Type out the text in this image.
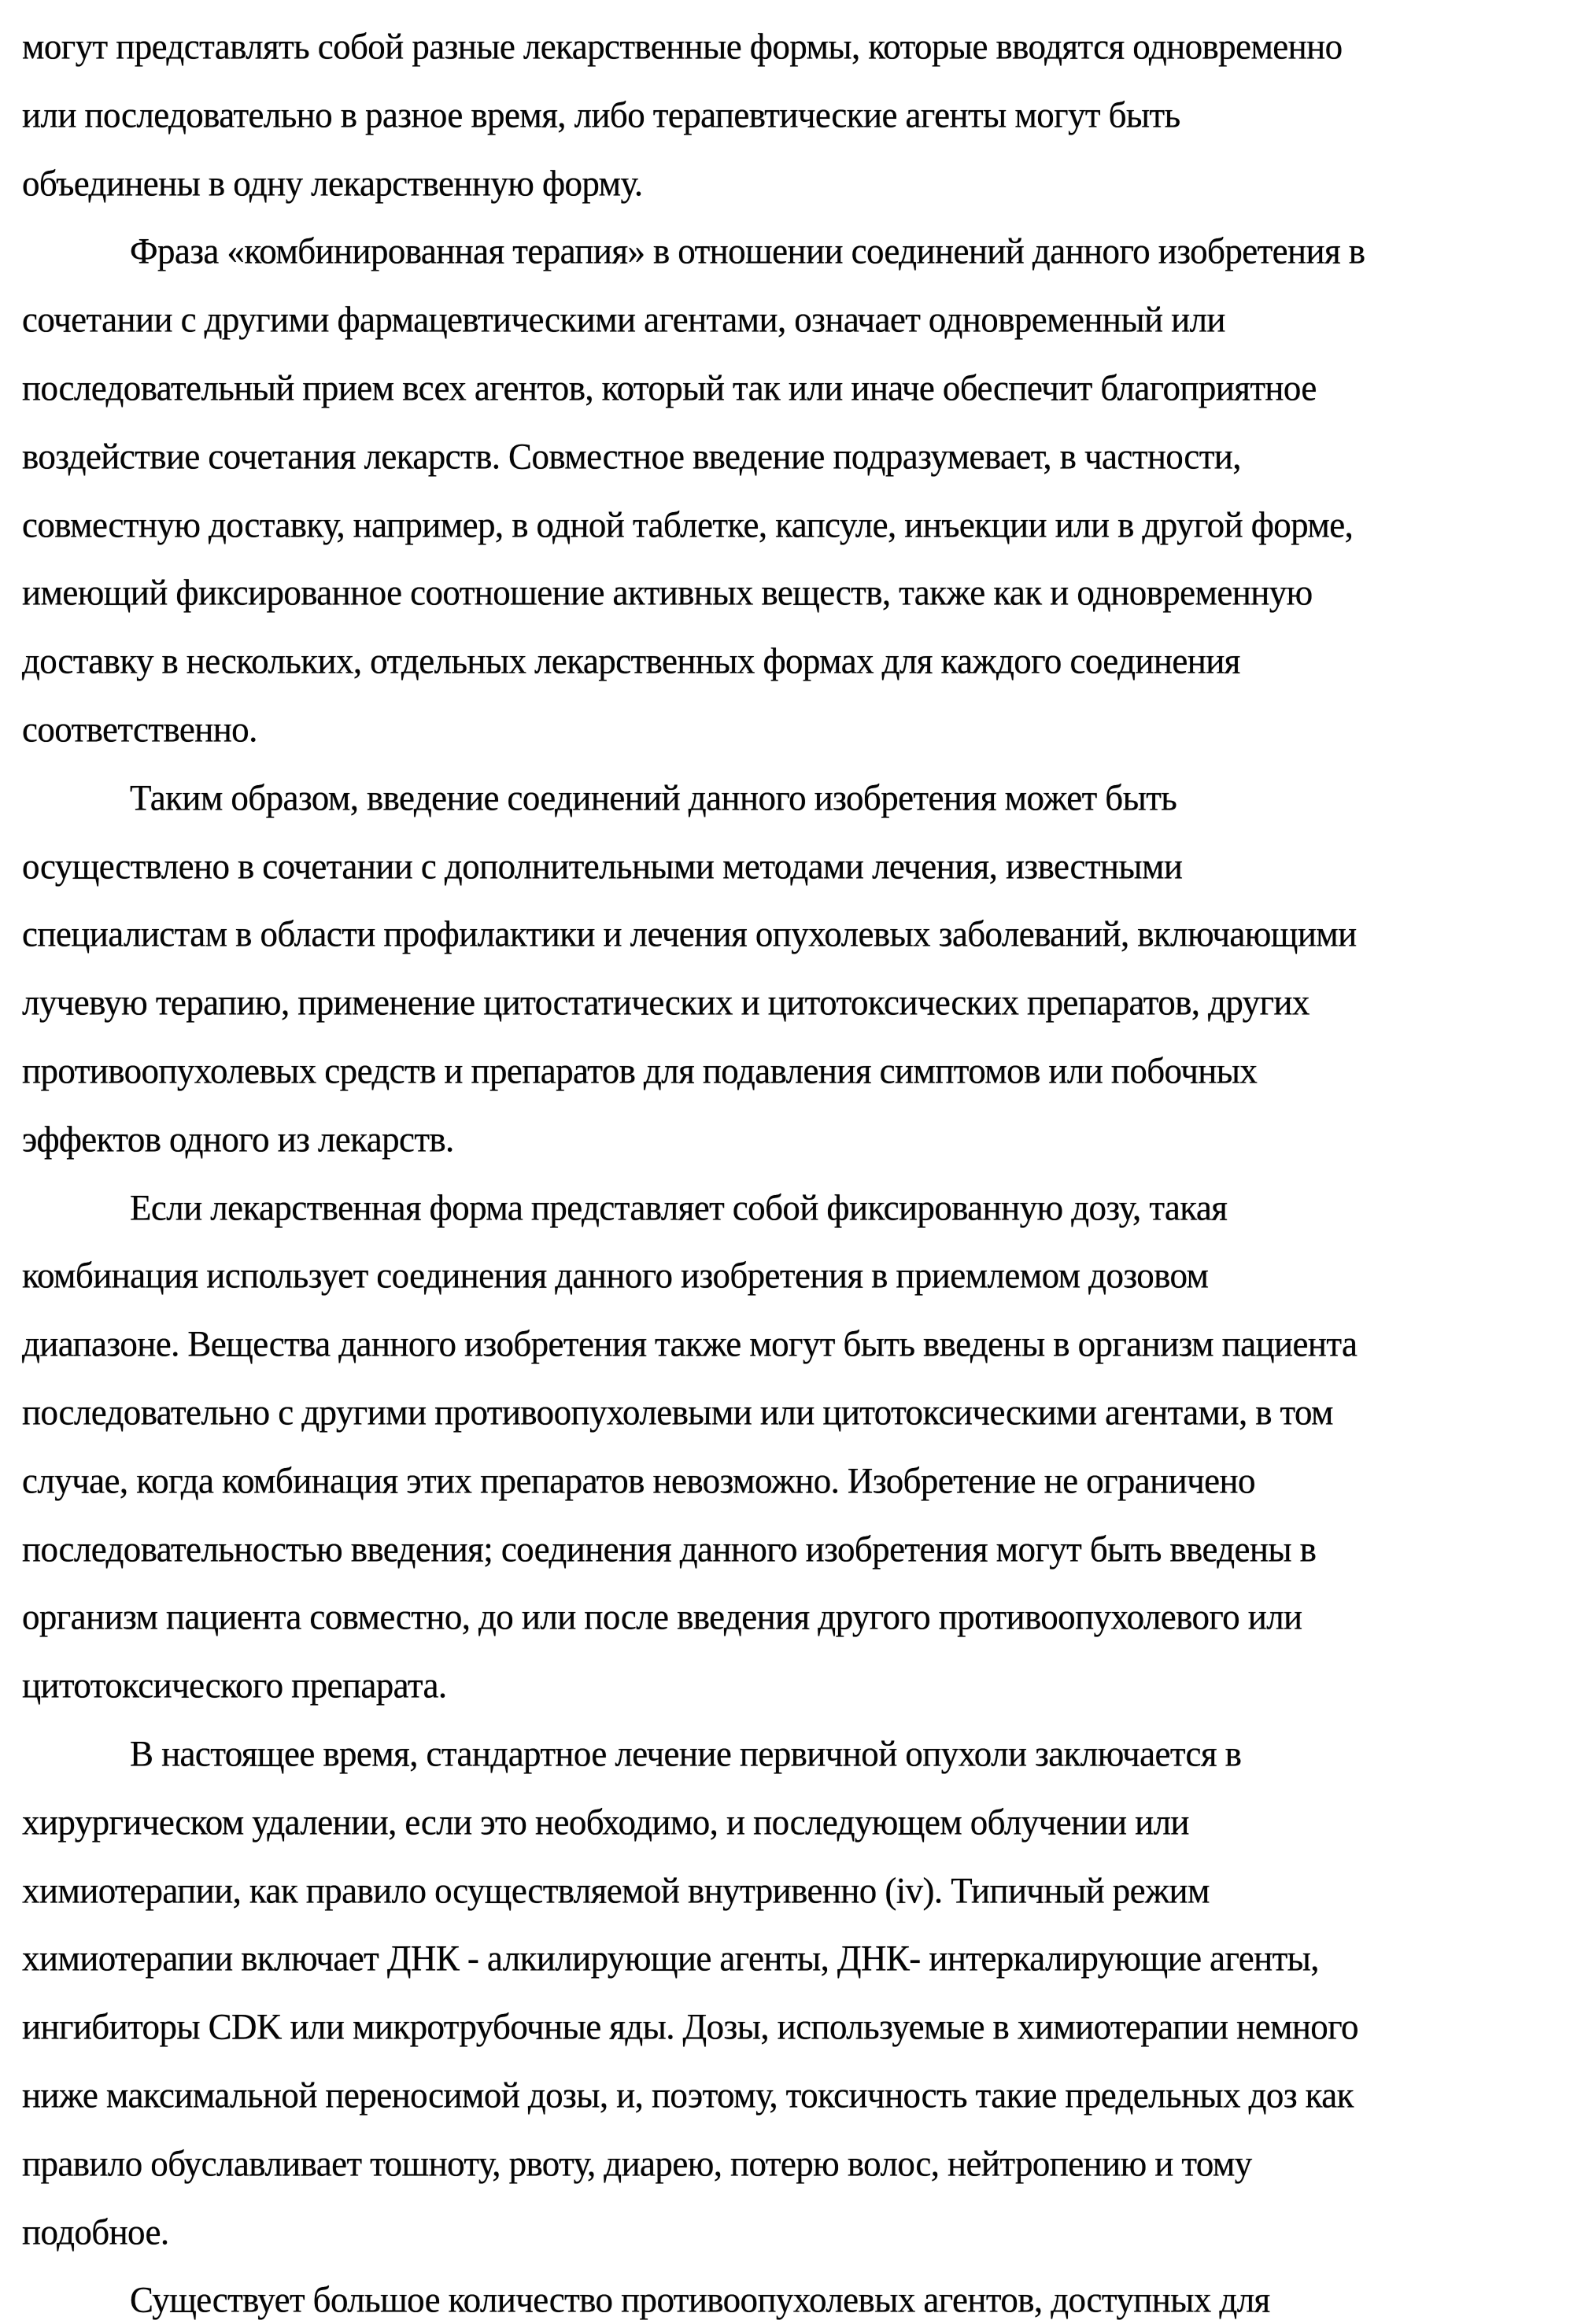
могут представлять собой разные лекарственные формы, которые вводятся одновременно
или последовательно в разное время, либо терапевтические агенты могут быть
объединены в одну лекарственную форму.
Фраза «комбинированная терапия» в отношении соединений данного изобретения в
сочетании с другими фармацевтическими агентами, означает одновременный или
последовательный прием всех агентов, который так или иначе обеспечит благоприятное
воздействие сочетания лекарств. Совместное введение подразумевает, в частности,
совместную доставку, например, в одной таблетке, капсуле, инъекции или в другой форме,
имеющий фиксированное соотношение активных веществ, также как и одновременную
доставку в нескольких, отдельных лекарственных формах для каждого соединения
соответственно.
Таким образом, введение соединений данного изобретения может быть
осуществлено в сочетании с дополнительными методами лечения, известными
специалистам в области профилактики и лечения опухолевых заболеваний, включающими
лучевую терапию, применение цитостатических и цитотоксических препаратов, других
противоопухолевых средств и препаратов для подавления симптомов или побочных
эффектов одного из лекарств.
Если лекарственная форма представляет собой фиксированную дозу, такая
комбинация использует соединения данного изобретения в приемлемом дозовом
диапазоне. Вещества данного изобретения также могут быть введены в организм пациента
последовательно с другими противоопухолевыми или цитотоксическими агентами, в том
случае, когда комбинация этих препаратов невозможно. Изобретение не ограничено
последовательностью введения; соединения данного изобретения могут быть введены в
организм пациента совместно, до или после введения другого противоопухолевого или
цитотоксического препарата.
В настоящее время, стандартное лечение первичной опухоли заключается в
хирургическом удалении, если это необходимо, и последующем облучении или
химиотерапии, как правило осуществляемой внутривенно (iv). Типичный режим
химиотерапии включает ДНК - алкилирующие агенты, ДНК- интеркалирующие агенты,
ингибиторы CDK или микротрубочные яды. Дозы, используемые в химиотерапии немного
ниже максимальной переносимой дозы, и, поэтому, токсичность такие предельных доз как
правило обуславливает тошноту, рвоту, диарею, потерю волос, нейтропению и тому
подобное.
Существует большое количество противоопухолевых агентов, доступных для
